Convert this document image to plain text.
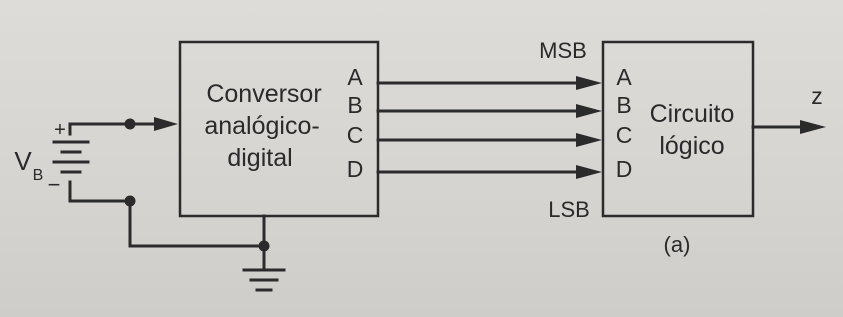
Conversor
analógico-
digital
A
B
C
D
Circuito
lógico
A
B
C
D
MSB
LSB
z
+
−
V B
(a)
